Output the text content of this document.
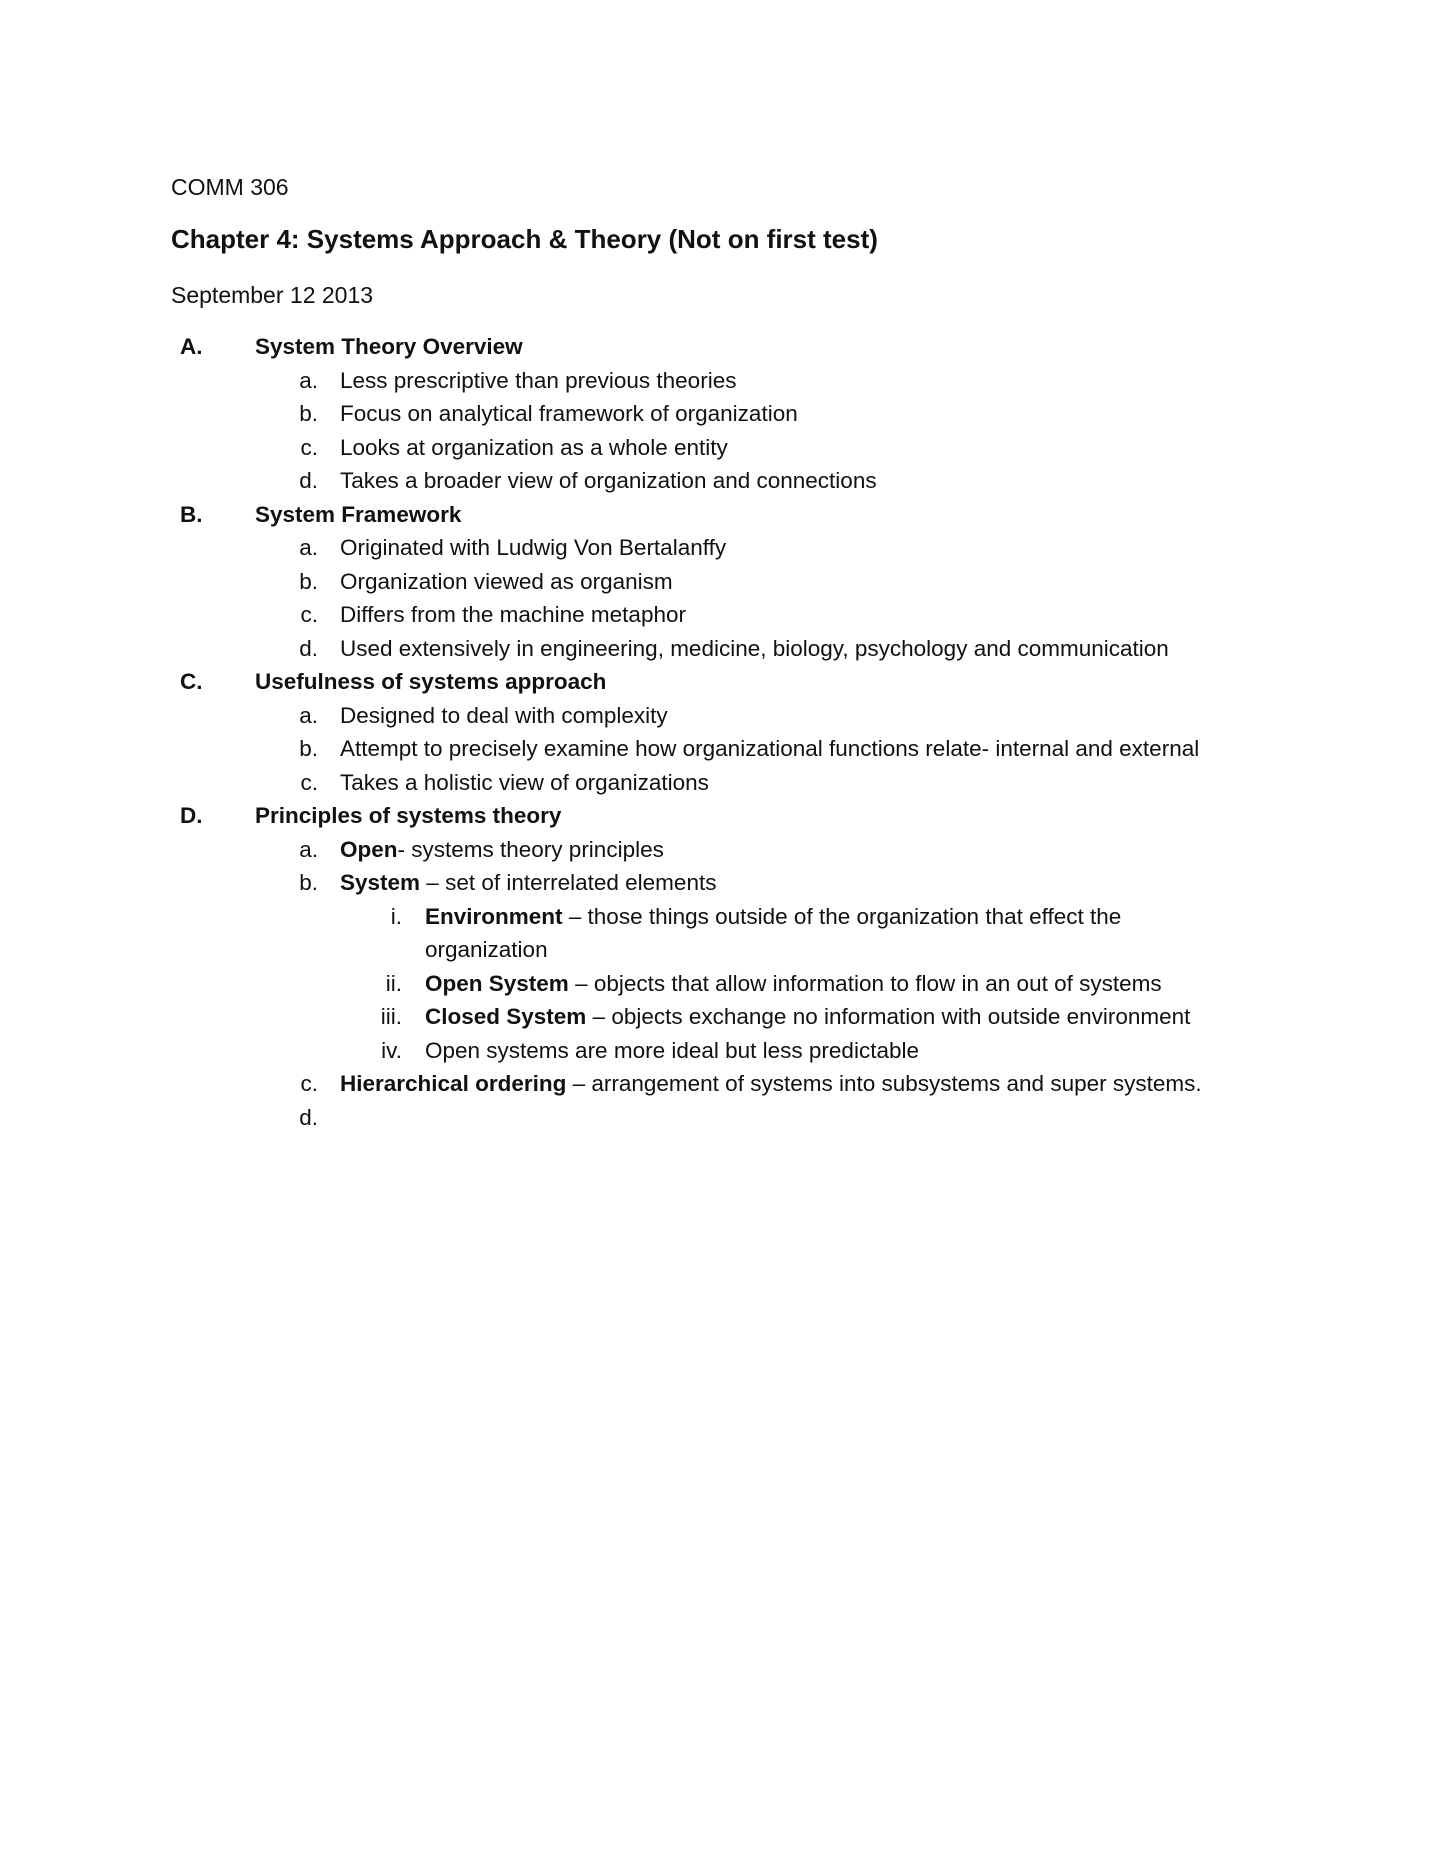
COMM 306
Chapter 4: Systems Approach & Theory (Not on first test)
September 12 2013
A.	System Theory Overview
a. Less prescriptive than previous theories
b. Focus on analytical framework of organization
c. Looks at organization as a whole entity
d. Takes a broader view of organization and connections
B.	System Framework
a. Originated with Ludwig Von Bertalanffy
b. Organization viewed as organism
c. Differs from the machine metaphor
d. Used extensively in engineering, medicine, biology, psychology and communication
C.	Usefulness of systems approach
a. Designed to deal with complexity
b. Attempt to precisely examine how organizational functions relate- internal and external
c. Takes a holistic view of organizations
D.	Principles of systems theory
a. Open- systems theory principles
b. System – set of interrelated elements
i. Environment – those things outside of the organization that effect the
organization
ii. Open System – objects that allow information to flow in an out of systems
iii. Closed System – objects exchange no information with outside environment
iv. Open systems are more ideal but less predictable
c. Hierarchical ordering – arrangement of systems into subsystems and super systems.
d.
